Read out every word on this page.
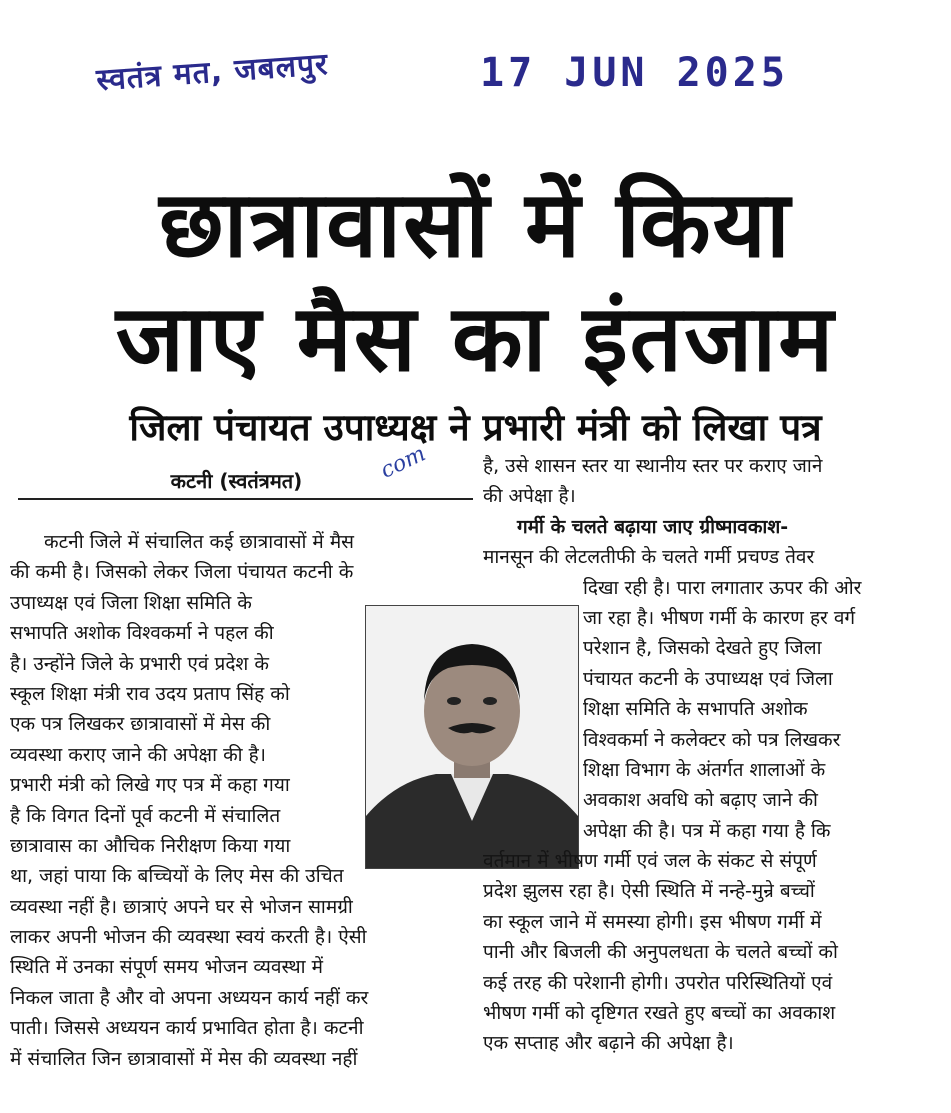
स्वतंत्र मत, जबलपुर	17 JUN 2025
छात्रावासों में किया
जाए मैस का इंतजाम
जिला पंचायत उपाध्यक्ष ने प्रभारी मंत्री को लिखा पत्र
कटनी (स्वतंत्रमत)	com
कटनी जिले में संचालित कई छात्रावासों में मैस
की कमी है। जिसको लेकर जिला पंचायत कटनी के
उपाध्यक्ष एवं जिला शिक्षा समिति के
सभापति अशोक विश्वकर्मा ने पहल की
है। उन्होंने जिले के प्रभारी एवं प्रदेश के
स्कूल शिक्षा मंत्री राव उदय प्रताप सिंह को
एक पत्र लिखकर छात्रावासों में मेस की
व्यवस्था कराए जाने की अपेक्षा की है।
प्रभारी मंत्री को लिखे गए पत्र में कहा गया
है कि विगत दिनों पूर्व कटनी में संचालित
छात्रावास का औचिक निरीक्षण किया गया
था, जहां पाया कि बच्चियों के लिए मेस की उचित
व्यवस्था नहीं है। छात्राएं अपने घर से भोजन सामग्री
लाकर अपनी भोजन की व्यवस्था स्वयं करती है। ऐसी
स्थिति में उनका संपूर्ण समय भोजन व्यवस्था में
निकल जाता है और वो अपना अध्ययन कार्य नहीं कर
पाती। जिससे अध्ययन कार्य प्रभावित होता है। कटनी
में संचालित जिन छात्रावासों में मेस की व्यवस्था नहीं
है, उसे शासन स्तर या स्थानीय स्तर पर कराए जाने
की अपेक्षा है।
गर्मी के चलते बढ़ाया जाए ग्रीष्मावकाश-
मानसून की लेटलतीफी के चलते गर्मी प्रचण्ड तेवर
दिखा रही है। पारा लगातार ऊपर की ओर
जा रहा है। भीषण गर्मी के कारण हर वर्ग
परेशान है, जिसको देखते हुए जिला
पंचायत कटनी के उपाध्यक्ष एवं जिला
शिक्षा समिति के सभापति अशोक
विश्वकर्मा ने कलेक्टर को पत्र लिखकर
शिक्षा विभाग के अंतर्गत शालाओं के
अवकाश अवधि को बढ़ाए जाने की
अपेक्षा की है। पत्र में कहा गया है कि
वर्तमान में भीषण गर्मी एवं जल के संकट से संपूर्ण
प्रदेश झुलस रहा है। ऐसी स्थिति में नन्हे-मुन्रे बच्चों
का स्कूल जाने में समस्या होगी। इस भीषण गर्मी में
पानी और बिजली की अनुपलधता के चलते बच्चों को
कई तरह की परेशानी होगी। उपरोत परिस्थितियों एवं
भीषण गर्मी को दृष्टिगत रखते हुए बच्चों का अवकाश
एक सप्ताह और बढ़ाने की अपेक्षा है।
